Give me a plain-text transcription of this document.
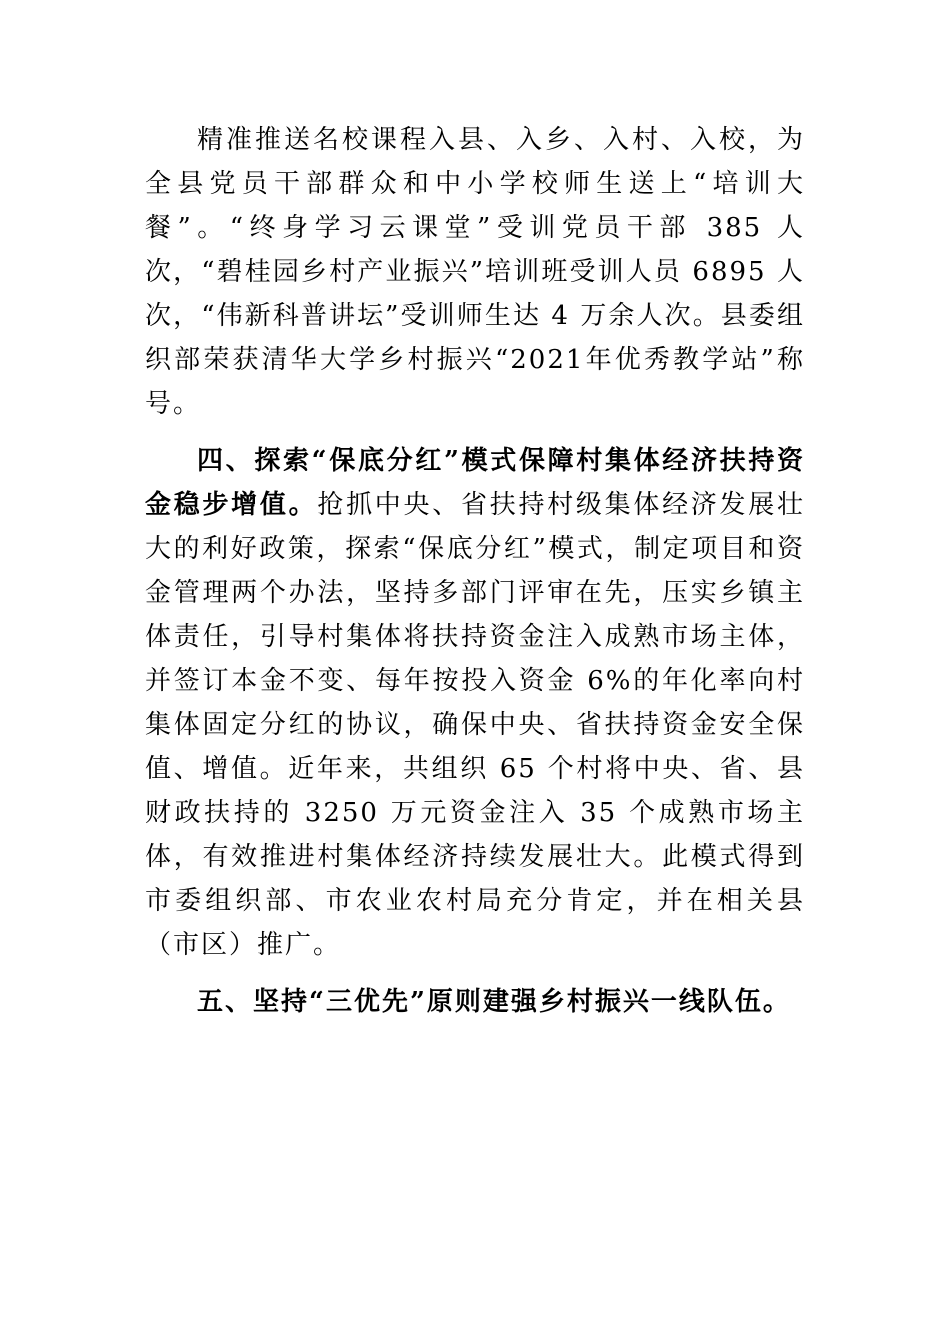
精准推送名校课程入县、入乡、入村、入校，为全县党员干部群众和中小学校师生送上“培训大餐”。“终身学习云课堂”受训党员干部 385 人次，“碧桂园乡村产业振兴”培训班受训人员 6895 人次，“伟新科普讲坛”受训师生达 4 万余人次。县委组织部荣获清华大学乡村振兴“2021年优秀教学站”称号。

四、探索“保底分红”模式保障村集体经济扶持资金稳步增值。抢抓中央、省扶持村级集体经济发展壮大的利好政策，探索“保底分红”模式，制定项目和资金管理两个办法，坚持多部门评审在先，压实乡镇主体责任，引导村集体将扶持资金注入成熟市场主体，并签订本金不变、每年按投入资金 6%的年化率向村集体固定分红的协议，确保中央、省扶持资金安全保值、增值。近年来，共组织 65 个村将中央、省、县财政扶持的 3250 万元资金注入 35 个成熟市场主体，有效推进村集体经济持续发展壮大。此模式得到市委组织部、市农业农村局充分肯定，并在相关县（市区）推广。

五、坚持“三优先”原则建强乡村振兴一线队伍。
